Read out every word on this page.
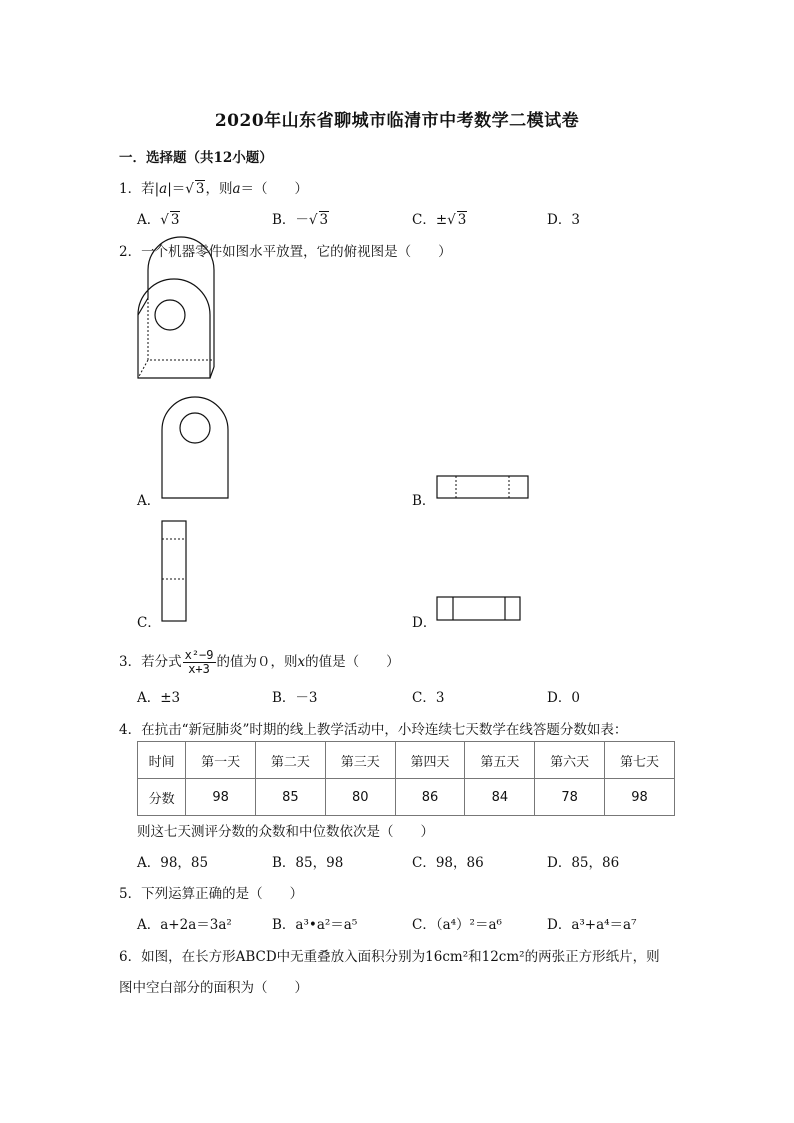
2020年山东省聊城市临清市中考数学二模试卷
一．选择题（共12小题）
1．若|a|＝√ 3，则a＝（　　）
A．√ 3	B．－√ 3	C．±√ 3	D．3
2．一个机器零件如图水平放置，它的俯视图是（　　）
A．	B．
C．	D．
3．若分式 $\frac{\text{x²−9}}{x+3}$ 的值为０，则x的值是（　　）
A．±3	B．－3	C．3	D．0
4．在抗击“新冠肺炎”时期的线上教学活动中，小玲连续七天数学在线答题分数如表：
时间	第一天	第二天	第三天	第四天	第五天	第六天	第七天
分数	98	85	80	86	84	78	98
则这七天测评分数的众数和中位数依次是（　　）
A．98，85	B．85，98	C．98，86	D．85，86
5．下列运算正确的是（　　）
A．a+2a＝3a²	B．a³•a²＝a⁵	C．（a⁴）²＝a⁶	D．a³+a⁴＝a⁷
6．如图，在长方形ABCD中无重叠放入面积分别为16cm²和12cm²的两张正方形纸片，则
图中空白部分的面积为（　　）
